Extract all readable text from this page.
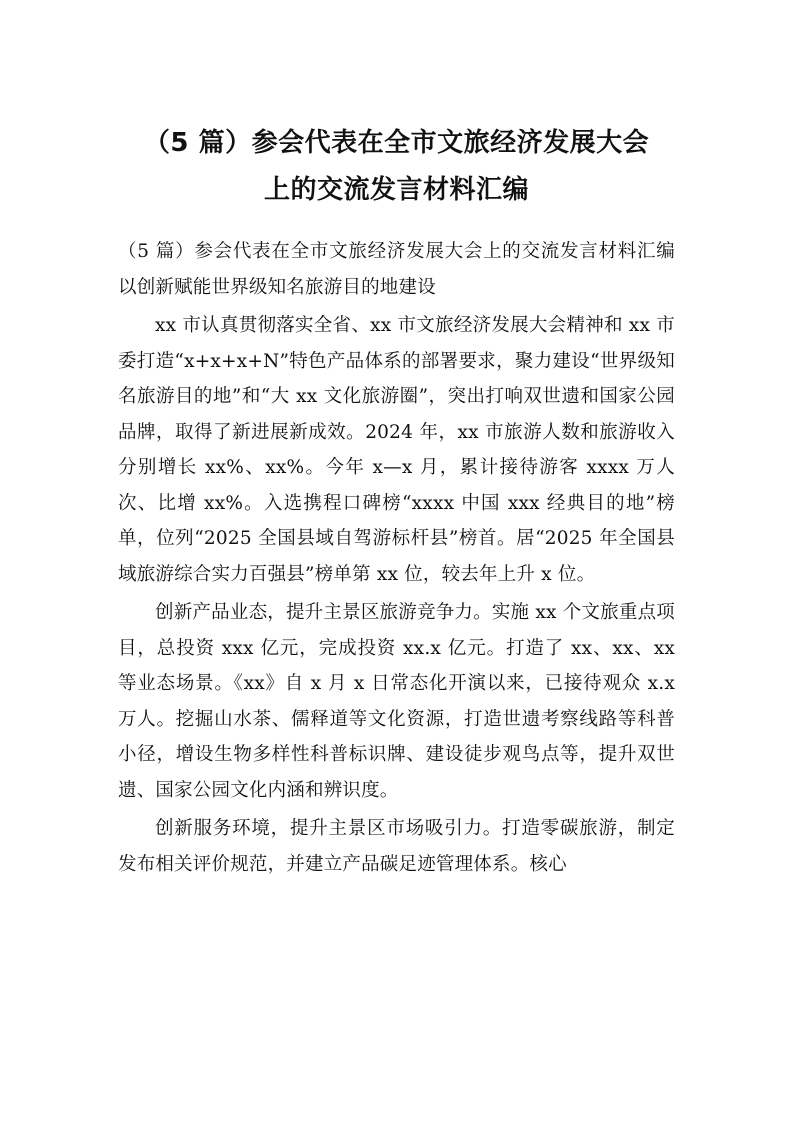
（5 篇）参会代表在全市文旅经济发展大会
上的交流发言材料汇编

（5 篇）参会代表在全市文旅经济发展大会上的交流发言材料汇编以创新赋能世界级知名旅游目的地建设

xx 市认真贯彻落实全省、xx 市文旅经济发展大会精神和 xx 市委打造“x+x+x+N”特色产品体系的部署要求，聚力建设“世界级知名旅游目的地”和“大 xx 文化旅游圈”，突出打响双世遗和国家公园品牌，取得了新进展新成效。2024 年，xx 市旅游人数和旅游收入分别增长 xx%、xx%。今年 x—x 月，累计接待游客 xxxx 万人次、比增 xx%。入选携程口碑榜“xxxx 中国 xxx 经典目的地”榜单，位列“2025 全国县域自驾游标杆县”榜首。居“2025 年全国县域旅游综合实力百强县”榜单第 xx 位，较去年上升 x 位。

创新产品业态，提升主景区旅游竞争力。实施 xx 个文旅重点项目，总投资 xxx 亿元，完成投资 xx.x 亿元。打造了 xx、xx、xx 等业态场景。《xx》自 x 月 x 日常态化开演以来，已接待观众 x.x 万人。挖掘山水茶、儒释道等文化资源，打造世遗考察线路等科普小径，增设生物多样性科普标识牌、建设徒步观鸟点等，提升双世遗、国家公园文化内涵和辨识度。

创新服务环境，提升主景区市场吸引力。打造零碳旅游，制定发布相关评价规范，并建立产品碳足迹管理体系。核心
